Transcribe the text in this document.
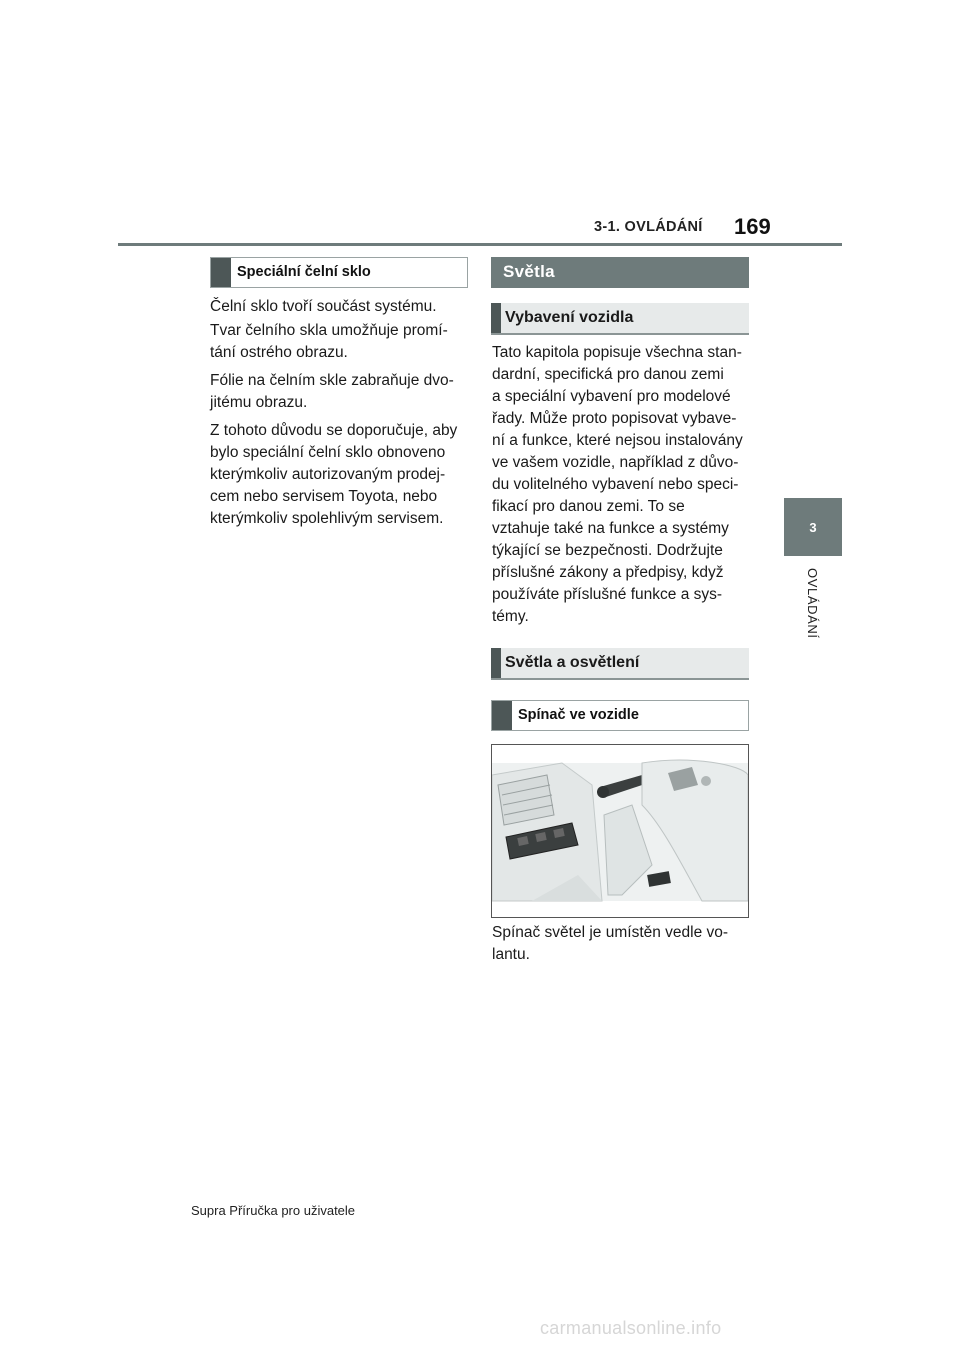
3-1. OVLÁDÁNÍ 169
3
OVLÁDÁNÍ
Speciální čelní sklo
Čelní sklo tvoří součást systému.
Tvar čelního skla umožňuje promí-
tání ostrého obrazu.
Fólie na čelním skle zabraňuje dvo-
jitému obrazu.
Z tohoto důvodu se doporučuje, aby
bylo speciální čelní sklo obnoveno
kterýmkoliv autorizovaným prodej-
cem nebo servisem Toyota, nebo
kterýmkoliv spolehlivým servisem.
Světla
Vybavení vozidla
Tato kapitola popisuje všechna stan-
dardní, specifická pro danou zemi
a speciální vybavení pro modelové
řady. Může proto popisovat vybave-
ní a funkce, které nejsou instalovány
ve vašem vozidle, například z důvo-
du volitelného vybavení nebo speci-
fikací pro danou zemi. To se
vztahuje také na funkce a systémy
týkající se bezpečnosti. Dodržujte
příslušné zákony a předpisy, když
používáte příslušné funkce a sys-
témy.
Světla a osvětlení
Spínač ve vozidle
Spínač světel je umístěn vedle vo-
lantu.
Supra Příručka pro uživatele
carmanualsonline.info
